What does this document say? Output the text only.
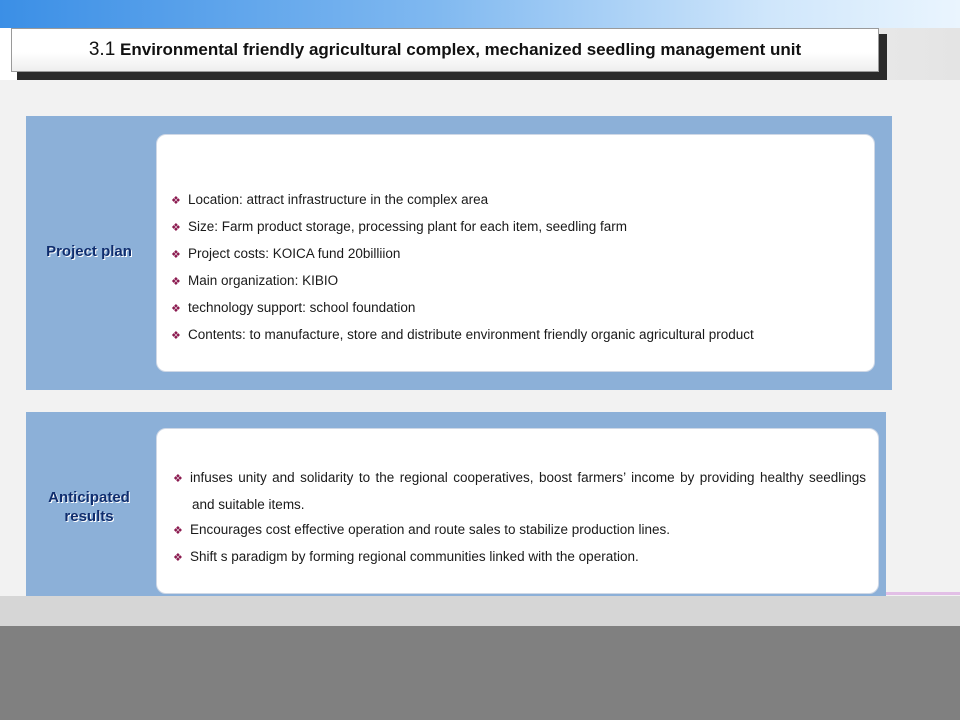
3.1 Environmental friendly agricultural complex, mechanized seedling management unit
Project plan
❖ Location: attract infrastructure in the complex area
❖ Size: Farm product storage, processing plant for each item, seedling farm
❖ Project costs: KOICA fund 20billiion
❖ Main organization: KIBIO
❖ technology support: school foundation
❖ Contents: to manufacture, store and distribute environment friendly organic agricultural product
Anticipated
results
❖ infuses unity and solidarity to the regional cooperatives, boost farmers’ income by providing healthy seedlings and suitable items.
❖ Encourages cost effective operation and route sales to stabilize production lines.
❖ Shift s paradigm by forming regional communities linked with the operation.
